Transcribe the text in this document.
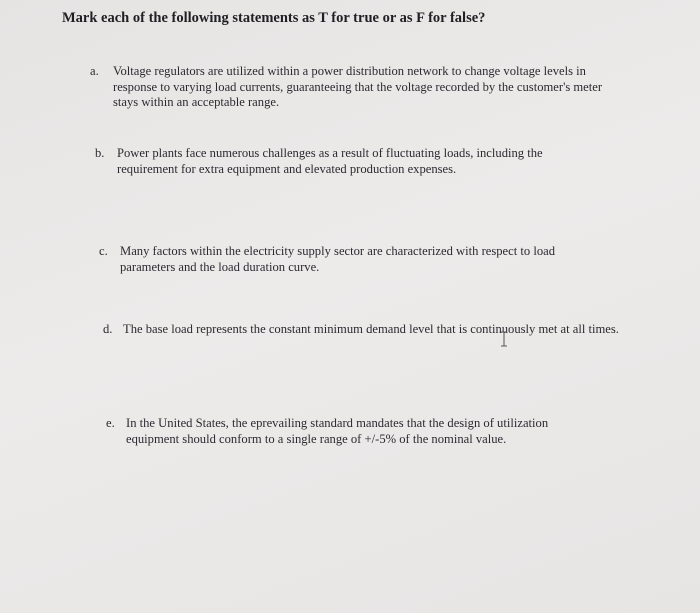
Mark each of the following statements as T for true or as F for false?
a. Voltage regulators are utilized within a power distribution network to change voltage levels in response to varying load currents, guaranteeing that the voltage recorded by the customer's meter stays within an acceptable range.
b. Power plants face numerous challenges as a result of fluctuating loads, including the requirement for extra equipment and elevated production expenses.
c. Many factors within the electricity supply sector are characterized with respect to load parameters and the load duration curve.
d. The base load represents the constant minimum demand level that is continuously met at all times.
e. In the United States, the eprevailing standard mandates that the design of utilization equipment should conform to a single range of +/-5% of the nominal value.
